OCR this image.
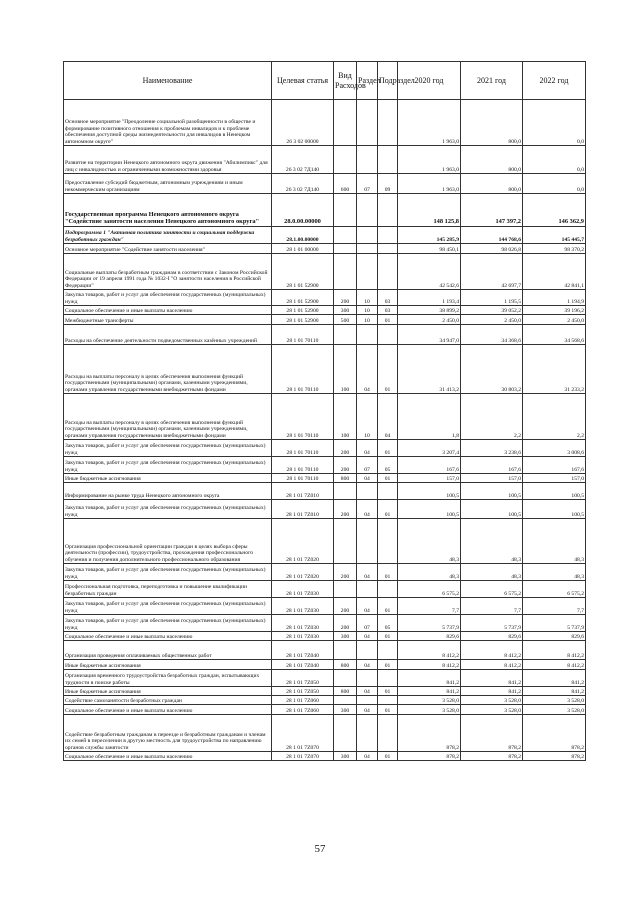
Наименование	Целевая статья	Вид Расходов	Раздел	Подраздел	2020 год	2021 год	2022 год
Основное мероприятие "Преодоление социальной разобщенности в обществе и формирование позитивного отношения к проблемам инвалидов и к проблеме обеспечения доступной среды жизнедеятельности для инвалидов в Ненецком автономном округе"	26 3 02 00000				1 963,0	800,0	0,0
Развитие на территории Ненецкого автономного округа движения "Абилимпикс" для лиц с инвалидностью и ограниченными возможностями здоровья	26 3 02 7Д140				1 963,0	800,0	0,0
Предоставление субсидий бюджетным, автономным учреждениям и иным некоммерческим организациям	26 3 02 7Д140	600	07	09	1 963,0	800,0	0,0
Государственная программа Ненецкого автономного округа "Содействие занятости населения Ненецкого автономного округа"	28.0.00.00000				148 125,8	147 397,2	146 362,9
Подпрограмма 1 "Активная политика занятости и социальная поддержка безработных граждан"	28.1.00.00000				145 285,9	144 768,6	145 445,7
Основное мероприятие "Содействие занятости населения"	28 1 01 00000				98 450,1	98 026,8	98 370,2
Социальные выплаты безработным гражданам в соответствии с Законом Российской Федерации от 19 апреля 1991 года № 1032-I "О занятости населения в Российской Федерации"	28 1 01 52900				42 542,6	42 697,7	42 841,1
Закупка товаров, работ и услуг для обеспечения государственных (муниципальных) нужд	28 1 01 52900	200	10	03	1 193,4	1 195,5	1 194,9
Социальное обеспечение и иные выплаты населению	28 1 01 52900	300	10	03	38 899,2	39 052,2	39 196,2
Межбюджетные трансферты	28 1 01 52900	500	10	01	2 450,0	2 450,0	2 450,0
Расходы на обеспечение деятельности подведомственных казённых учреждений	28 1 01 70110				34 947,0	34 368,6	34 568,6
Расходы на выплаты персоналу в целях обеспечения выполнения функций государственными (муниципальными) органами, казенными учреждениями, органами управления государственными внебюджетными фондами	28 1 01 70110	100	04	01	31 413,2	30 803,2	31 233,2
Расходы на выплаты персоналу в целях обеспечения выполнения функций государственными (муниципальными) органами, казенными учреждениями, органами управления государственными внебюджетными фондами	28 1 01 70110	100	10	04	1,8	2,2	2,2
Закупка товаров, работ и услуг для обеспечения государственных (муниципальных) нужд	28 1 01 70110	200	04	01	3 207,4	3 238,6	3 008,6
Закупка товаров, работ и услуг для обеспечения государственных (муниципальных) нужд	28 1 01 70110	200	07	05	167,6	167,6	167,6
Иные бюджетные ассигнования	28 1 01 70110	800	04	01	157,0	157,0	157,0
Информирование на рынке труда Ненецкого автономного округа	28 1 01 7Z010				100,5	100,5	100,5
Закупка товаров, работ и услуг для обеспечения государственных (муниципальных) нужд	28 1 01 7Z010	200	04	01	100,5	100,5	100,5
Организация профессиональной ориентации граждан в целях выбора сферы деятельности (профессии), трудоустройства, прохождения профессионального обучения и получения дополнительного профессионального образования	28 1 01 7Z020				48,3	48,3	48,3
Закупка товаров, работ и услуг для обеспечения государственных (муниципальных) нужд	28 1 01 7Z020	200	04	01	48,3	48,3	48,3
Профессиональная подготовка, переподготовка и повышение квалификации безработных граждан	28 1 01 7Z030				6 575,2	6 575,2	6 575,2
Закупка товаров, работ и услуг для обеспечения государственных (муниципальных) нужд	28 1 01 7Z030	200	04	01	7,7	7,7	7,7
Закупка товаров, работ и услуг для обеспечения государственных (муниципальных) нужд	28 1 01 7Z030	200	07	05	5 737,9	5 737,9	5 737,9
Социальное обеспечение и иные выплаты населению	28 1 01 7Z030	300	04	01	829,6	829,6	829,6
Организация проведения оплачиваемых общественных работ	28 1 01 7Z040				8 412,2	8 412,2	8 412,2
Иные бюджетные ассигнования	28 1 01 7Z040	800	04	01	8 412,2	8 412,2	8 412,2
Организация временного трудоустройства безработных граждан, испытывающих трудности в поиске работы	28 1 01 7Z050				841,2	841,2	841,2
Иные бюджетные ассигнования	28 1 01 7Z050	800	04	01	841,2	841,2	841,2
Содействие самозанятости безработных граждан	28 1 01 7Z060				3 528,0	3 528,0	3 528,0
Социальное обеспечение и иные выплаты населению	28 1 01 7Z060	300	04	01	3 528,0	3 528,0	3 528,0
Содействие безработным гражданам в переезде и безработным гражданам и членам их семей в переселении в другую местность для трудоустройства по направлению органов службы занятости	28 1 01 7Z070				878,2	878,2	878,2
Социальное обеспечение и иные выплаты населению	28 1 01 7Z070	300	04	01	878,2	878,2	878,2
57
